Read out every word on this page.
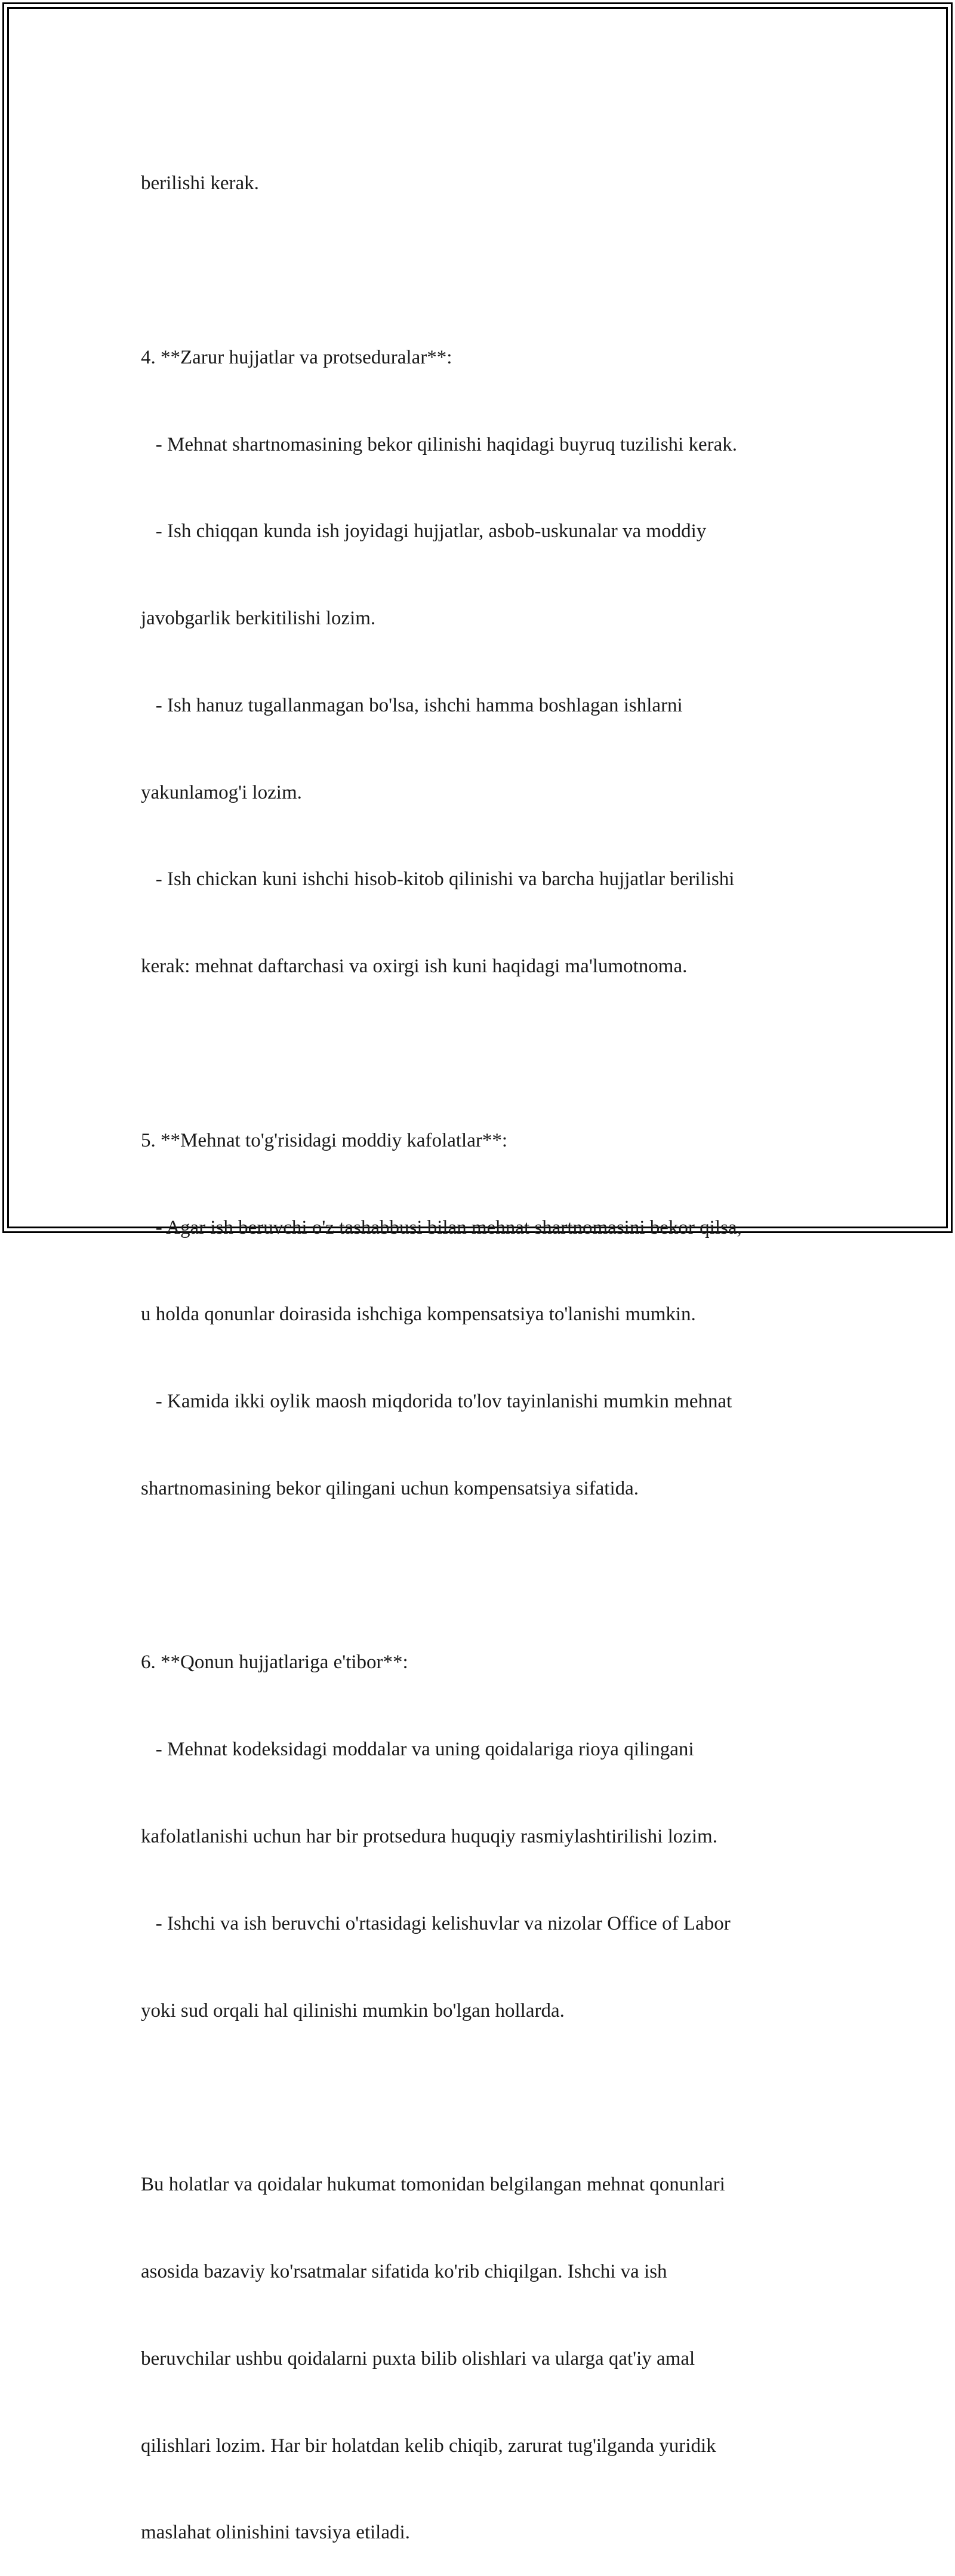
berilishi kerak.

4. **Zarur hujjatlar va protseduralar**:

- Mehnat shartnomasining bekor qilinishi haqidagi buyruq tuzilishi kerak.

- Ish chiqqan kunda ish joyidagi hujjatlar, asbob-uskunalar va moddiy

javobgarlik berkitilishi lozim.

- Ish hanuz tugallanmagan bo'lsa, ishchi hamma boshlagan ishlarni

yakunlamog'i lozim.

- Ish chickan kuni ishchi hisob-kitob qilinishi va barcha hujjatlar berilishi

kerak: mehnat daftarchasi va oxirgi ish kuni haqidagi ma'lumotnoma.

5. **Mehnat to'g'risidagi moddiy kafolatlar**:

- Agar ish beruvchi o'z tashabbusi bilan mehnat shartnomasini bekor qilsa,

u holda qonunlar doirasida ishchiga kompensatsiya to'lanishi mumkin.

- Kamida ikki oylik maosh miqdorida to'lov tayinlanishi mumkin mehnat

shartnomasining bekor qilingani uchun kompensatsiya sifatida.

6. **Qonun hujjatlariga e'tibor**:

- Mehnat kodeksidagi moddalar va uning qoidalariga rioya qilingani

kafolatlanishi uchun har bir protsedura huquqiy rasmiylashtirilishi lozim.

- Ishchi va ish beruvchi o'rtasidagi kelishuvlar va nizolar Office of Labor

yoki sud orqali hal qilinishi mumkin bo'lgan hollarda.

Bu holatlar va qoidalar hukumat tomonidan belgilangan mehnat qonunlari

asosida bazaviy ko'rsatmalar sifatida ko'rib chiqilgan. Ishchi va ish

beruvchilar ushbu qoidalarni puxta bilib olishlari va ularga qat'iy amal

qilishlari lozim. Har bir holatdan kelib chiqib, zarurat tug'ilganda yuridik

maslahat olinishini tavsiya etiladi.
